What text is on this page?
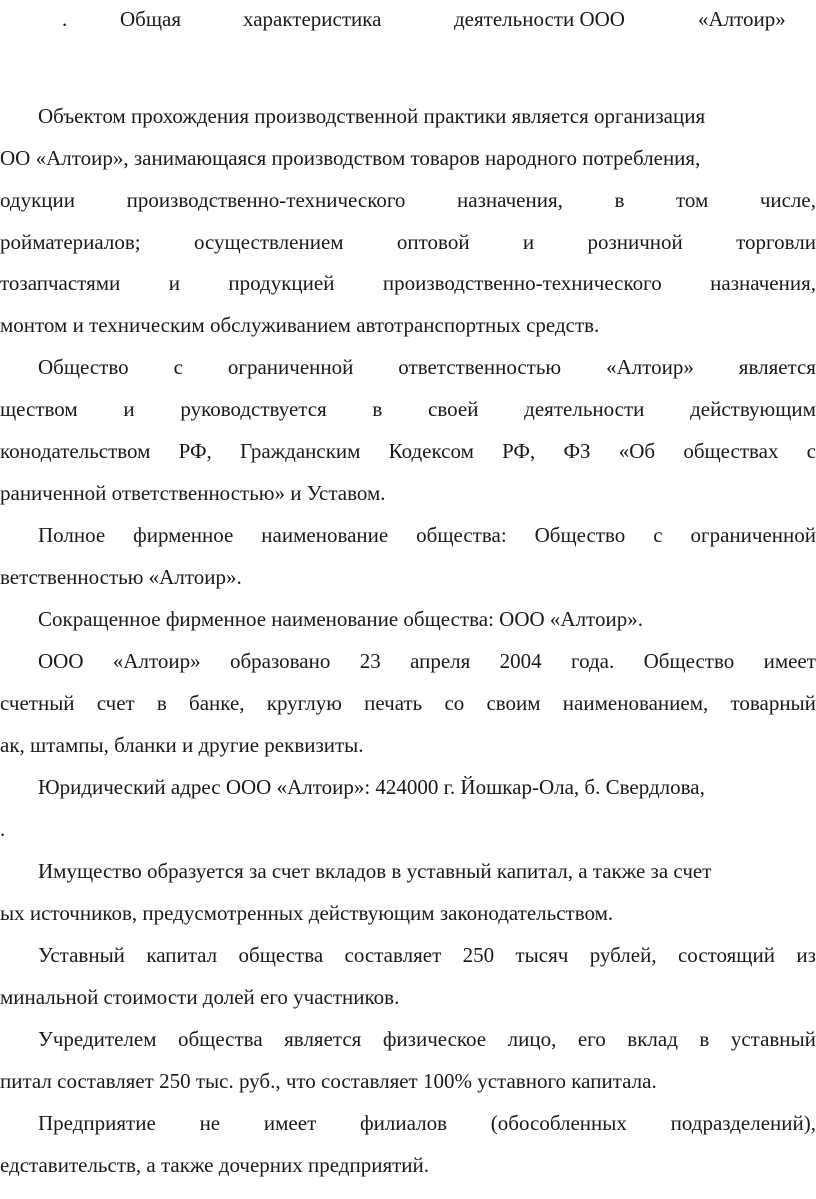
.	Общая	характеристика	деятельности ООО	«Алтоир»
Объектом прохождения производственной практики является организация
ОО «Алтоир», занимающаяся производством товаров народного потребления,
одукции производственно-технического назначения, в том числе,
ройматериалов;	осуществлением	оптовой	и	розничной	торговли
тозапчастями и продукцией производственно-технического назначения,
монтом и техническим обслуживанием автотранспортных средств.
Общество с ограниченной ответственностью «Алтоир» является
ществом и руководствуется в своей деятельности действующим
конодательством РФ, Гражданским Кодексом РФ, ФЗ «Об обществах с
раниченной ответственностью» и Уставом.
Полное фирменное наименование общества: Общество с ограниченной
ветственностью «Алтоир».
Сокращенное фирменное наименование общества: ООО «Алтоир».
ООО «Алтоир» образовано 23 апреля 2004 года. Общество имеет
счетный счет в банке, круглую печать со своим наименованием, товарный
ак, штампы, бланки и другие реквизиты.
Юридический адрес ООО «Алтоир»: 424000 г. Йошкар-Ола, б. Свердлова,
.
Имущество образуется за счет вкладов в уставный капитал, а также за счет
ых источников, предусмотренных действующим законодательством.
Уставный капитал общества составляет 250 тысяч рублей, состоящий из
минальной стоимости долей его участников.
Учредителем общества является физическое лицо, его вклад в уставный
питал составляет 250 тыс. руб., что составляет 100% уставного капитала.
Предприятие не имеет филиалов (обособленных подразделений),
едставительств, а также дочерних предприятий.
